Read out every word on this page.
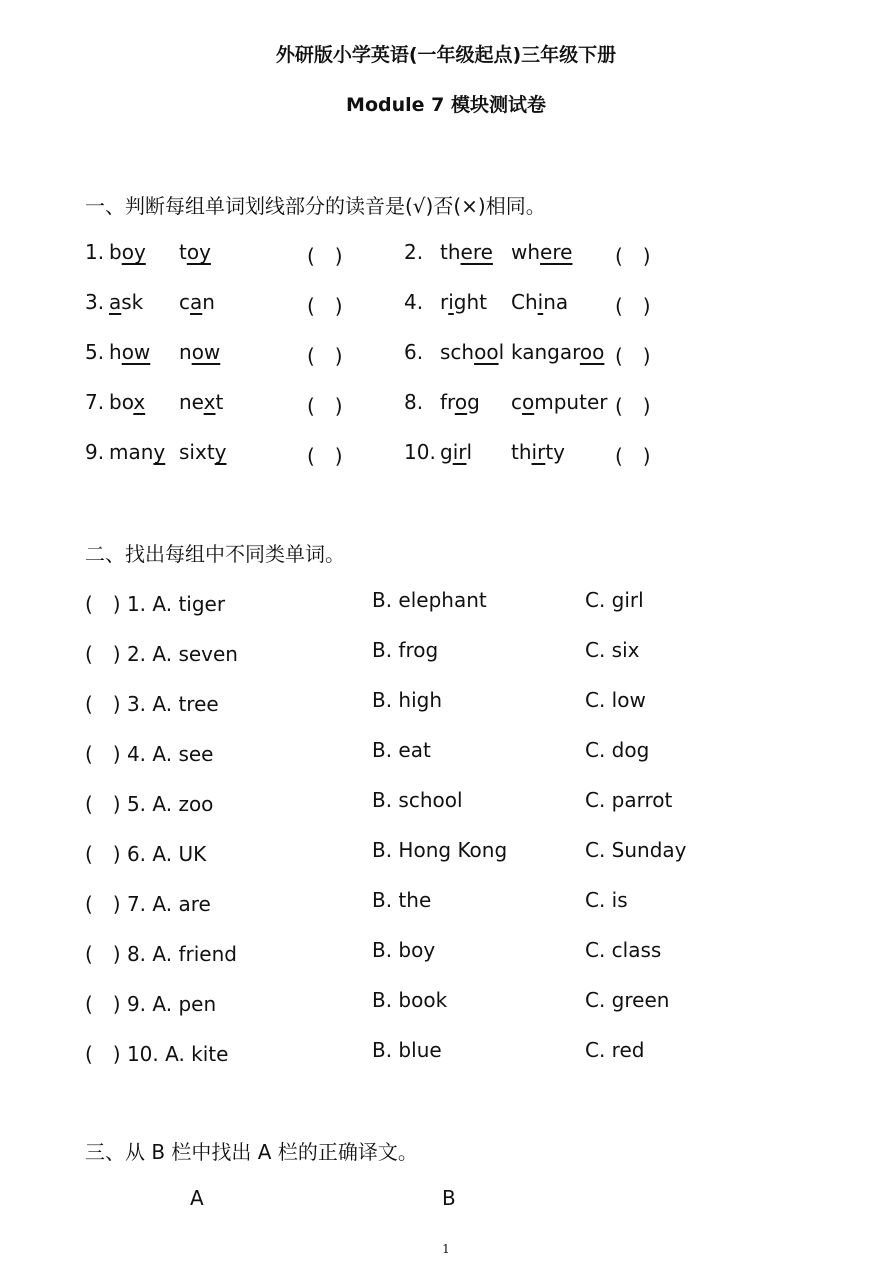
外研版小学英语(一年级起点)三年级下册
Module 7 模块测试卷
一、判断每组单词划线部分的读音是(√)否(×)相同。
1. boy toy	(　)	2. there where (　)
3. ask can	(　)	4. right China (　)
5. how now	(　)	6. school kangaroo (　)
7. box next	(　)	8. frog computer (　)
9. many sixty	(　)	10. girl thirty	(　)
二、找出每组中不同类单词。
(　) 1. A. tiger	B. elephant	C. girl
(　) 2. A. seven	B. frog	C. six
(　) 3. A. tree	B. high	C. low
(　) 4. A. see	B. eat	C. dog
(　) 5. A. zoo	B. school	C. parrot
(　) 6. A. UK	B. Hong Kong	C. Sunday
(　) 7. A. are	B. the	C. is
(　) 8. A. friend	B. boy	C. class
(　) 9. A. pen	B. book	C. green
(　) 10. A. kite	B. blue	C. red
三、从 B 栏中找出 A 栏的正确译文。
A	B
1
